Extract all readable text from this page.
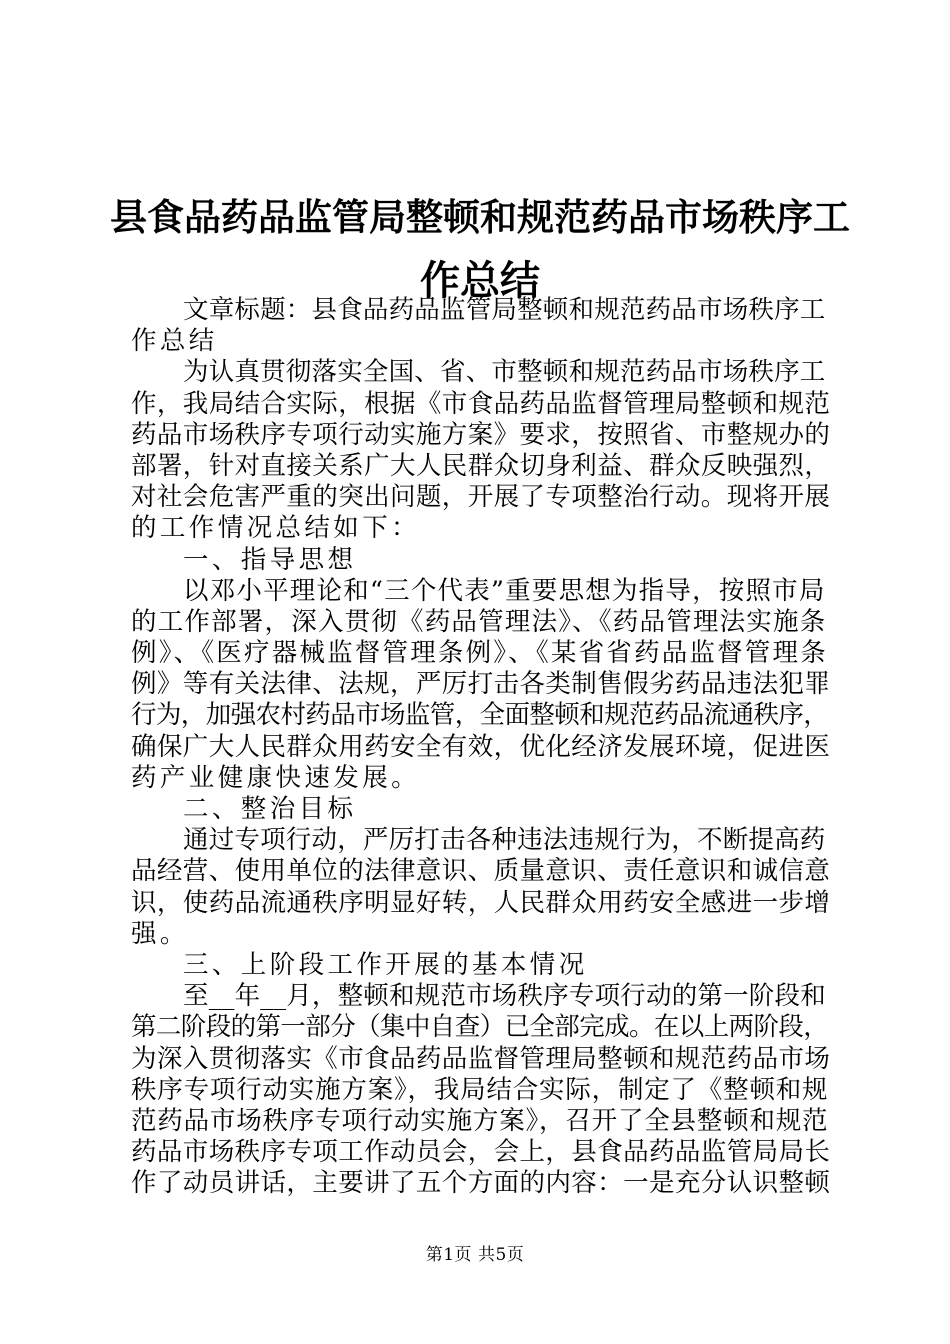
县食品药品监管局整顿和规范药品市场秩序工

作总结

文章标题：县食品药品监管局整顿和规范药品市场秩序工

作总结

为认真贯彻落实全国、省、市整顿和规范药品市场秩序工

作，我局结合实际，根据《市食品药品监督管理局整顿和规范

药品市场秩序专项行动实施方案》要求，按照省、市整规办的

部署，针对直接关系广大人民群众切身利益、群众反映强烈，

对社会危害严重的突出问题，开展了专项整治行动。现将开展

的工作情况总结如下：

一、指导思想

以邓小平理论和“三个代表”重要思想为指导，按照市局

的工作部署，深入贯彻《药品管理法》、《药品管理法实施条

例》、《医疗器械监督管理条例》、《某省省药品监督管理条

例》等有关法律、法规，严厉打击各类制售假劣药品违法犯罪

行为，加强农村药品市场监管，全面整顿和规范药品流通秩序，

确保广大人民群众用药安全有效，优化经济发展环境，促进医

药产业健康快速发展。

二、整治目标

通过专项行动，严厉打击各种违法违规行为，不断提高药

品经营、使用单位的法律意识、质量意识、责任意识和诚信意

识，使药品流通秩序明显好转，人民群众用药安全感进一步增

强。

三、上阶段工作开展的基本情况

至__年__月，整顿和规范市场秩序专项行动的第一阶段和

第二阶段的第一部分（集中自查）已全部完成。在以上两阶段，

为深入贯彻落实《市食品药品监督管理局整顿和规范药品市场

秩序专项行动实施方案》，我局结合实际，制定了《整顿和规

范药品市场秩序专项行动实施方案》，召开了全县整顿和规范

药品市场秩序专项工作动员会，会上，县食品药品监管局局长

作了动员讲话，主要讲了五个方面的内容：一是充分认识整顿

第1页 共5页
